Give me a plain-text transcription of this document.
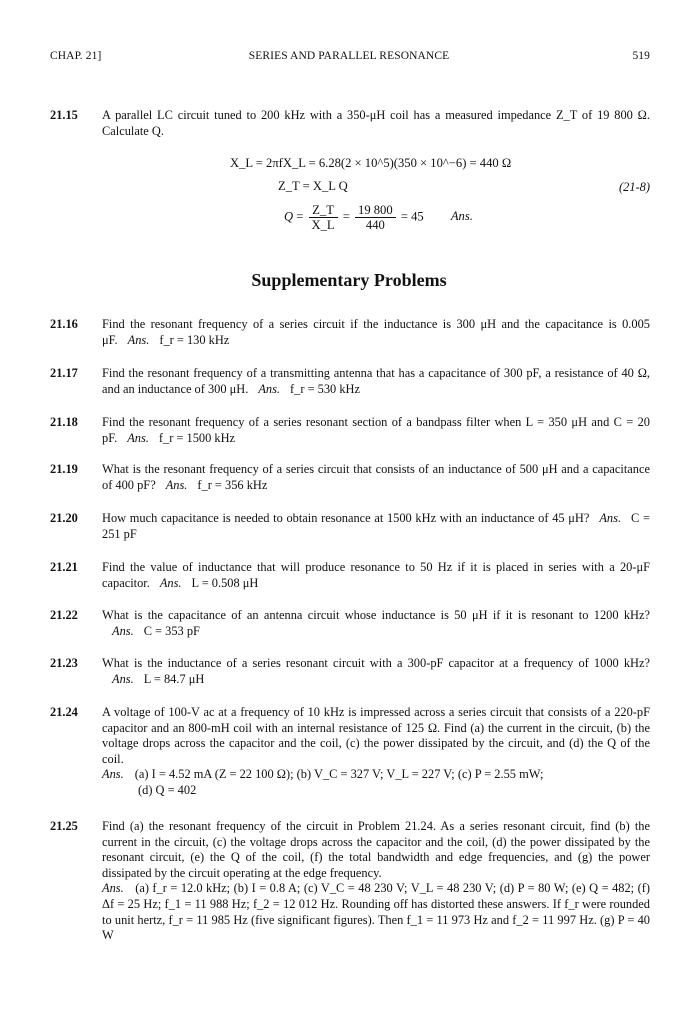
CHAP. 21]	SERIES AND PARALLEL RESONANCE	519
21.15 A parallel LC circuit tuned to 200 kHz with a 350-μH coil has a measured impedance Z_T of 19 800 Ω. Calculate Q.
X_L = 2πfX_L = 6.28(2 × 10^5)(350 × 10^−6) = 440 Ω
Z_T = X_L Q	(21-8)
$Q = \frac{Z\_T}{X\_L} = \frac{19 800}{440} = 45$ Ans.
Supplementary Problems
21.16 Find the resonant frequency of a series circuit if the inductance is 300 μH and the capacitance is 0.005 μF. Ans. f_r = 130 kHz
21.17 Find the resonant frequency of a transmitting antenna that has a capacitance of 300 pF, a resistance of 40 Ω, and an inductance of 300 μH. Ans. f_r = 530 kHz
21.18 Find the resonant frequency of a series resonant section of a bandpass filter when L = 350 μH and C = 20 pF. Ans. f_r = 1500 kHz
21.19 What is the resonant frequency of a series circuit that consists of an inductance of 500 μH and a capacitance of 400 pF? Ans. f_r = 356 kHz
21.20 How much capacitance is needed to obtain resonance at 1500 kHz with an inductance of 45 μH? Ans. C = 251 pF
21.21 Find the value of inductance that will produce resonance to 50 Hz if it is placed in series with a 20-μF capacitor. Ans. L = 0.508 μH
21.22 What is the capacitance of an antenna circuit whose inductance is 50 μH if it is resonant to 1200 kHz?Ans. C = 353 pF
21.23 What is the inductance of a series resonant circuit with a 300-pF capacitor at a frequency of 1000 kHz?Ans. L = 84.7 μH
21.24 A voltage of 100-V ac at a frequency of 10 kHz is impressed across a series circuit that consists of a 220-pF capacitor and an 800-mH coil with an internal resistance of 125 Ω. Find (a) the current in the circuit, (b) the voltage drops across the capacitor and the coil, (c) the power dissipated by the circuit, and (d) the Q of the coil.
Ans. (a) I = 4.52 mA (Z = 22 100 Ω); (b) V_C = 327 V; V_L = 227 V; (c) P = 2.55 mW;
(d) Q = 402
21.25 Find (a) the resonant frequency of the circuit in Problem 21.24. As a series resonant circuit, find (b) the current in the circuit, (c) the voltage drops across the capacitor and the coil, (d) the power dissipated by the resonant circuit, (e) the Q of the coil, (f) the total bandwidth and edge frequencies, and (g) the power dissipated by the circuit operating at the edge frequency.
Ans. (a) f_r = 12.0 kHz; (b) I = 0.8 A; (c) V_C = 48 230 V; V_L = 48 230 V; (d) P = 80 W; (e) Q = 482; (f) Δf = 25 Hz; f_1 = 11 988 Hz; f_2 = 12 012 Hz. Rounding off has distorted these answers. If f_r were rounded to unit hertz, f_r = 11 985 Hz (five significant figures). Then f_1 = 11 973 Hz and f_2 = 11 997 Hz. (g) P = 40 W
